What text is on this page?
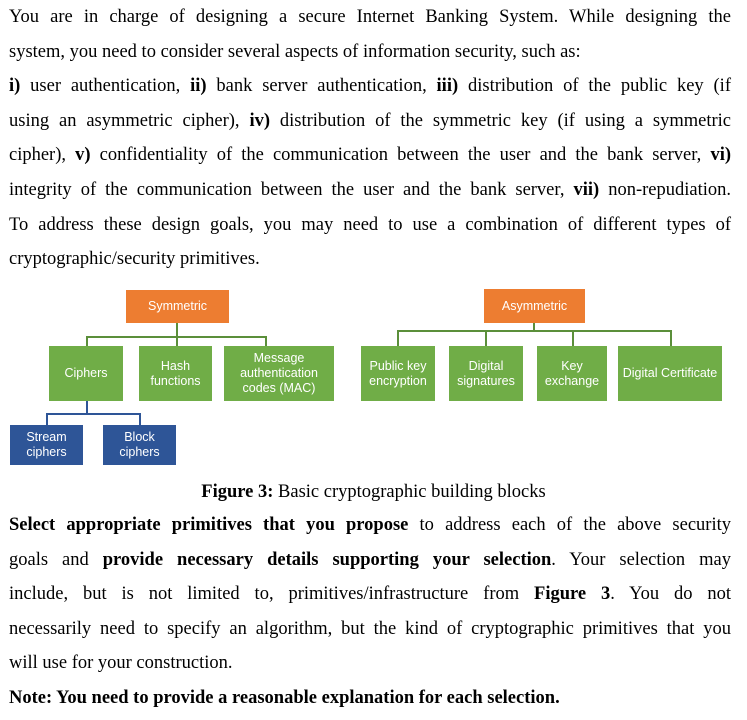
You are in charge of designing a secure Internet Banking System. While designing the
system, you need to consider several aspects of information security, such as:
i) user authentication, ii) bank server authentication, iii) distribution of the public key (if
using an asymmetric cipher), iv) distribution of the symmetric key (if using a symmetric
cipher), v) confidentiality of the communication between the user and the bank server, vi)
integrity of the communication between the user and the bank server, vii) non-repudiation.
To address these design goals, you may need to use a combination of different types of
cryptographic/security primitives.
Symmetric	Asymmetric
Ciphers
Hash functions
Message authentication codes (MAC)
Public key encryption
Digital signatures
Key exchange
Digital Certificate
Stream ciphers
Block ciphers
Figure 3: Basic cryptographic building blocks
Select appropriate primitives that you propose to address each of the above security
goals and provide necessary details supporting your selection. Your selection may
include, but is not limited to, primitives/infrastructure from Figure 3. You do not
necessarily need to specify an algorithm, but the kind of cryptographic primitives that you
will use for your construction.
Note: You need to provide a reasonable explanation for each selection.
